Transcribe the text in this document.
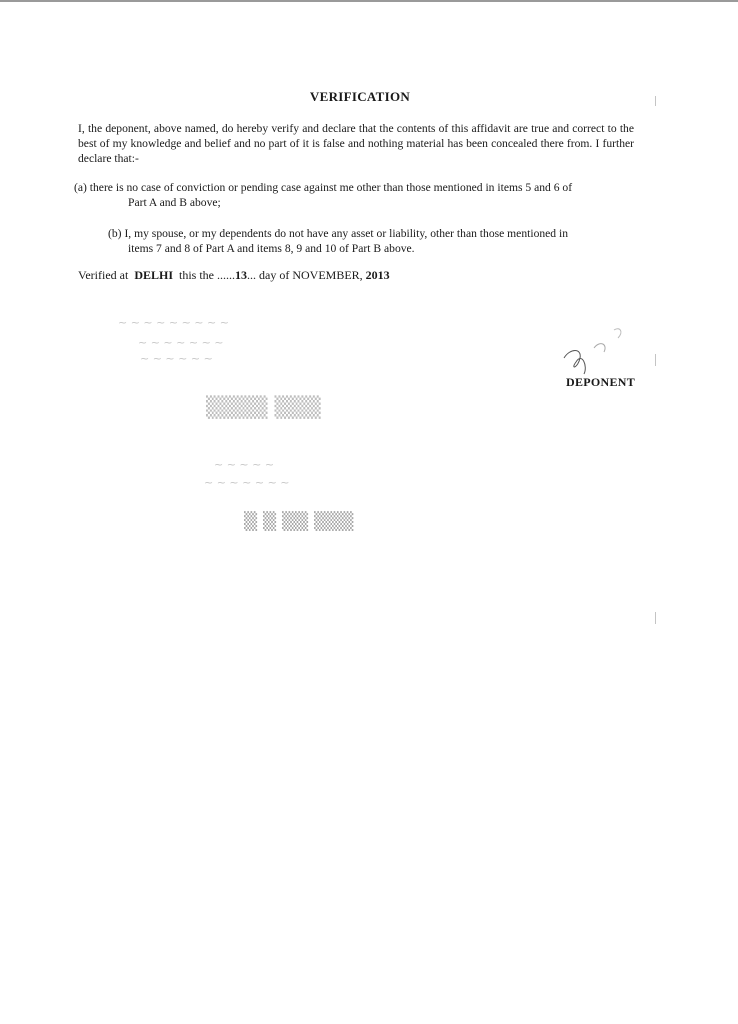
VERIFICATION
I, the deponent, above named, do hereby verify and declare that the contents of this affidavit are true and correct to the best of my knowledge and belief and no part of it is false and nothing material has been concealed there from. I further declare that:-
(a) there is no case of conviction or pending case against me other than those mentioned in items 5 and 6 of
Part A and B above;
(b) I, my spouse, or my dependents do not have any asset or liability, other than those mentioned in
items 7 and 8 of Part A and items 8, 9 and 10 of Part B above.
Verified at DELHI this the ......13... day of NOVEMBER, 2013
~ ~ ~ ~ ~ ~ ~ ~ ~
~ ~ ~ ~ ~ ~ ~
~ ~ ~ ~ ~ ~
▒▒▒▒ ▒▒▒
~ ~ ~ ~ ~
~ ~ ~ ~ ~ ~ ~
▒ ▒ ▒▒ ▒▒▒
DEPONENT
